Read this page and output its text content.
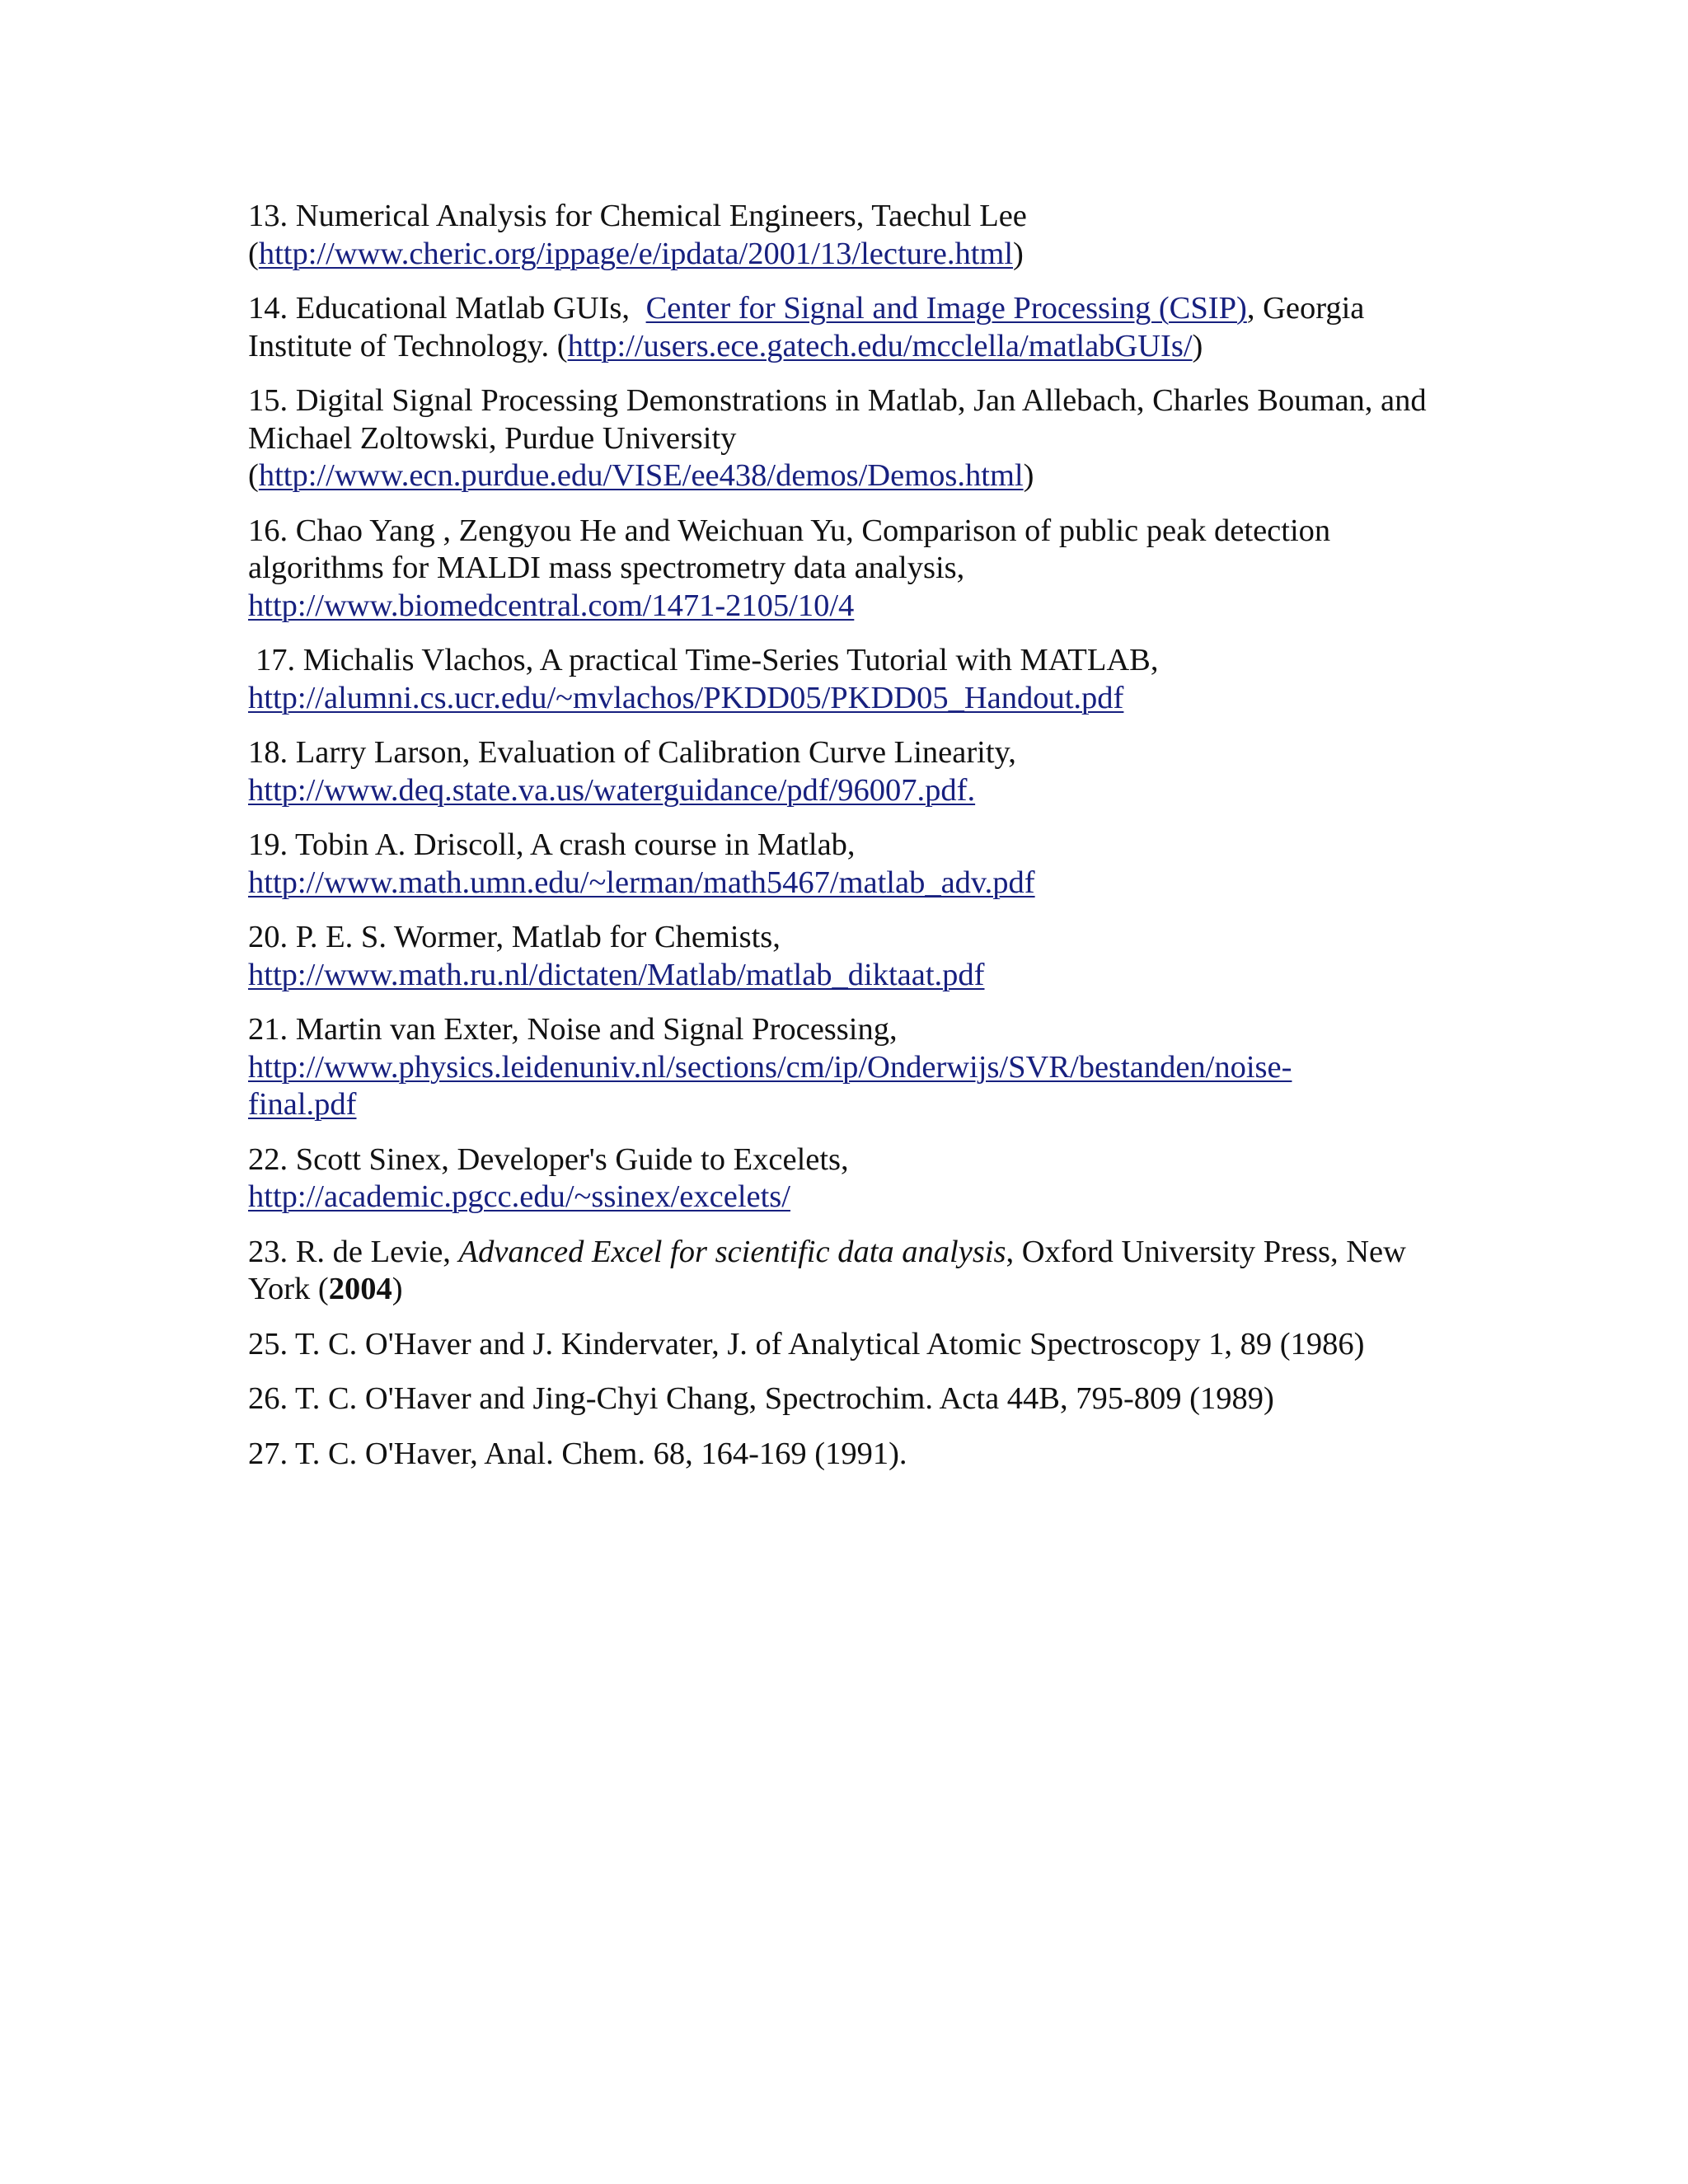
13. Numerical Analysis for Chemical Engineers, Taechul Lee
(http://www.cheric.org/ippage/e/ipdata/2001/13/lecture.html)

14. Educational Matlab GUIs, Center for Signal and Image Processing (CSIP), Georgia Institute of Technology. (http://users.ece.gatech.edu/mcclella/matlabGUIs/)

15. Digital Signal Processing Demonstrations in Matlab, Jan Allebach, Charles Bouman, and Michael Zoltowski, Purdue University
(http://www.ecn.purdue.edu/VISE/ee438/demos/Demos.html)

16. Chao Yang , Zengyou He and Weichuan Yu, Comparison of public peak detection algorithms for MALDI mass spectrometry data analysis,
http://www.biomedcentral.com/1471-2105/10/4

17. Michalis Vlachos, A practical Time-Series Tutorial with MATLAB,
http://alumni.cs.ucr.edu/~mvlachos/PKDD05/PKDD05_Handout.pdf

18. Larry Larson, Evaluation of Calibration Curve Linearity,
http://www.deq.state.va.us/waterguidance/pdf/96007.pdf.

19. Tobin A. Driscoll, A crash course in Matlab,
http://www.math.umn.edu/~lerman/math5467/matlab_adv.pdf

20. P. E. S. Wormer, Matlab for Chemists,
http://www.math.ru.nl/dictaten/Matlab/matlab_diktaat.pdf

21. Martin van Exter, Noise and Signal Processing,
http://www.physics.leidenuniv.nl/sections/cm/ip/Onderwijs/SVR/bestanden/noise-
final.pdf

22. Scott Sinex, Developer's Guide to Excelets,
http://academic.pgcc.edu/~ssinex/excelets/

23. R. de Levie, Advanced Excel for scientific data analysis, Oxford University Press, New York (2004)

25. T. C. O'Haver and J. Kindervater, J. of Analytical Atomic Spectroscopy 1, 89 (1986)

26. T. C. O'Haver and Jing-Chyi Chang, Spectrochim. Acta 44B, 795-809 (1989)

27. T. C. O'Haver, Anal. Chem. 68, 164-169 (1991).
